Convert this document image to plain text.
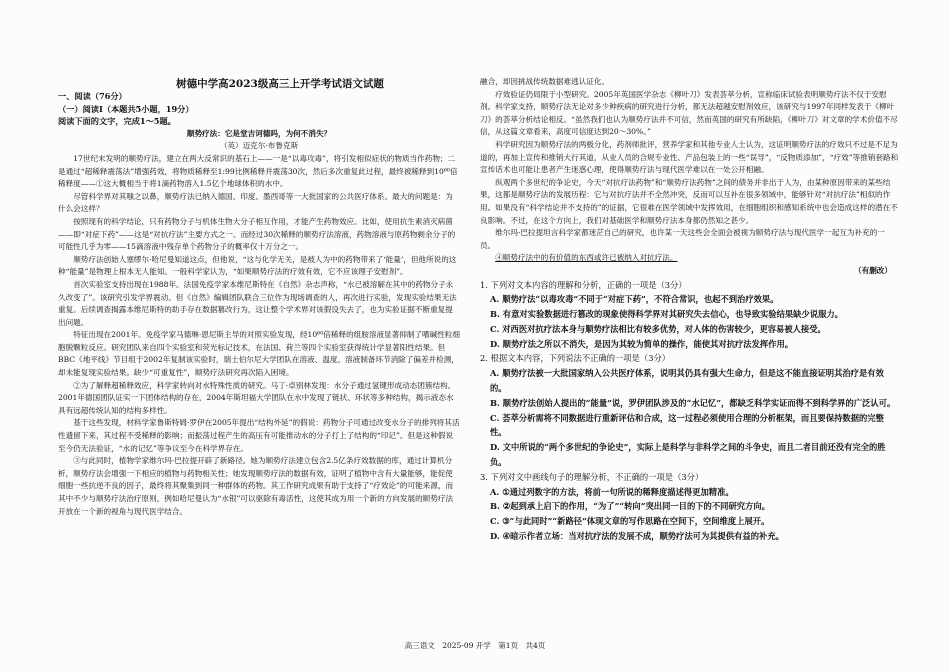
树德中学高2023级高三上开学考试语文试题
一、阅读（76分）
（一）阅读Ⅰ（本题共5小题，19分）
阅读下面的文字，完成1～5题。
顺势疗法：它是堂吉诃德吗，为何不消失？
（英）迈克尔·布鲁克斯

17世纪末发明的顺势疗法，建立在两大反常识的基石上——一是“以毒攻毒”，将引发相似症状的物质当作药物；二是通过“超稀释震荡法”增强药效，将物质稀释至1:99比例稀释并震荡30次，然后多次重复此过程，最终被稀释到10⁶⁰倍稀释度——①这大概相当于将1滴药物溶入1.5亿个地球体积的水中。

尽管科学界对其嗤之以鼻，顺势疗法已纳入德国、印度、墨西哥等一大批国家的公共医疗体系。最大的问题是：为什么会这样？

按照现有的科学结论，只有药物分子与机体生物大分子相互作用，才能产生药物效应。比如，使用抗生素消灭病菌——即“对症下药”——这是“对抗疗法”主要方式之一。而经过30次稀释的顺势疗法溶液，药物溶液与原药物剩余分子的可能性几乎为零——15滴溶液中残存单个药物分子的概率仅十万分之一。

顺势疗法创始人塞缪尔·哈尼曼知道这点，但他说，“这与化学无关，是被人为中的药物带来了‘能量’，但他所说的这种“能量”是物理上根本无人能知。一般科学家认为，“如果顺势疗法的疗效有效，它不应该理子安慰剂”。

首次实验室支持出现在1988年。法国免疫学家本维尼斯特在《自然》杂志声称，“水已被溶解在其中的药物分子永久改变了”。该研究引发学界震动。但《自然》编辑团队联合三位作为现场调查的人，再次进行实验，发现实验结果无法重复。后续调查揭露本维尼斯特的助手存在数据篡改行为，这让整个学术界对该假设失去了，也为实验证据不断重复提出问题。

特征出现在2001年。免疫学家马德琳·恩尼斯主导的对照实验发现，经10⁶⁰倍稀释的组胺溶液显著抑制了嗜碱性粒细胞脱颗粒反应。研究团队来自四个实验室和荧光标记技术，在法国、荷兰等四个实验室获得统计学显著阳性结果。但BBC《地平线》节目组于2002年复制该实验时，瑞士伯尔尼大学团队在溶液、温度、溶液制备环节消除了偏差并检测，却未能复现实验结果。缺少“可重复性”，顺势疗法研究再次陷入困境。

②为了解释超稀释效应，科学家转向对水特殊性质的研究。马丁·卓别林发现：水分子通过氢键形成动态团簇结构。2001年德国团队证实一下团体结构的存在，2004年斯坦福大学团队在水中发现了链状、环状等多种结构，揭示液态水具有远超传统认知的结构多样性。

基于这些发现，材料学家鲁斯特姆·罗伊在2005年提出“结构外延”的假说：药物分子可通过改变水分子的排列将其活性遗留下来，其过程不受稀释的影响；而振荡过程产生的高压有可能推动水的分子打上了结构的“印记”。但是这种假说至今仍无法验证，“水的记忆”等争议至今在科学界存在。

③与此同时，植物学家维尔玛·巴拉提开辟了新路径。她为顺势疗法建立包含2.5亿条疗效数据的库，通过计算机分析，顺势疗法会增强一下相应的植物与药物相关性；她发现顺势疗法的数据有效，证明了植物中含有大量能够，能促使细胞一些抗逆不良的因子，最终将其聚集到同一种群体的药物。其工作研究成果有助于支持了“疗效论”的可能来源，而其中不少与顺势疗法治疗原则，例如哈尼曼认为“水银”可以驱除有毒活性，这使其成为用一个新的方向发展的顺势疗法开放在一个新的视角与现代医学结合。

融合，却因挑战传统数据难逃认证化。

疗效验证仍局限于小型研究。2005年英国医学杂志《柳叶刀》发表荟萃分析，宣称临床试验表明顺势疗法不仅于安慰剂。科学家支持，顺势疗法无论对多少种疾病的研究进行分析，都无法超越安慰剂效应，该研究与1997年同样发表于《柳叶刀》的荟萃分析结论相反。“虽然我们也认为顺势疗法并不可信，然而英国的研究有所缺陷，《柳叶刀》对文章的学术价值不尽信，从这篇文章看来，高度可信度达到20～30%。”

科学研究因为顺势疗法的两极分化，药剂师批评，营养学家和其他专业人士认为，这证明顺势疗法的疗效只不过是不足为道的，再加上宣传和推销大行其道，从业人员的合规专业性、产品包装上的一些“误导”，“反物质添加”，“疗效”等推销套路和宣传话术也可能让患者产生迷惑心理，使得顺势疗法与现代医学难以在一处公开相融。

纵观两个多世纪的争论史，今天“对抗疗法药物”和“顺势疗法药物”之间的债务并非出于人为，由某种原因带来的某些结果，这都是顺势疗法的发展历程：它与对抗疗法并不全然冲突，反而可以互补在很多领域中，能够针对“对抗疗法”相似的作用。如果没有“科学结论并不支持的”的证据，它很难在医学领域中发挥效用，在细胞组织和感知系统中也会造成这样的潜在不良影响。不过，在这个方向上，我们对基础医学和顺势疗法本身都仍然知之甚少。

维尔玛·巴拉提坦言科学家都迷茫自己的研究，也许某一天这些会全面会被视为顺势疗法与现代医学一起互为补充的一员。

④顺势疗法中的有价值的东西或许已被纳入对抗疗法。

（有删改）
1. 下列对文本内容的理解和分析，正确的一项是（3分）
A. 顺势疗法“以毒攻毒”不同于“对症下药”，不符合常识，也起不到治疗效果。
B. 有意对实验数据进行篡改的现象使得科学界对其研究失去信心，也导致实验结果缺少说服力。
C. 对西医对抗疗法本身与顺势疗法相比有较多优势，对人体的伤害较少，更容易被人接受。
D. 顺势疗法之所以不消失，是因为其较为简单的操作，能使其对抗疗法发挥作用。
2. 根据文本内容，下列说法不正确的一项是（3分）
A. 顺势疗法被一大批国家纳入公共医疗体系，说明其仍具有强大生命力，但是这不能直接证明其治疗是有效的。
B. 顺势疗法创始人提出的“能量”说，罗伊团队涉及的“水记忆”，都缺乏科学实证而得不到科学界的广泛认可。
C. 荟萃分析需将不同数据进行重新评估和合成，这一过程必须使用合理的分析框架，而且要保持数据的完整性。
D. 文中所说的“两个多世纪的争论史”，实际上是科学与非科学之间的斗争史，而且二者目前还没有完全的胜负。
3. 下列对文中画线句子的理解分析，不正确的一项是（3分）
A. ①通过列数字的方法，将前一句所说的稀释度描述得更加精准。
B. ②起到承上启下的作用，“为了”“转向”突出同一目的下的不同研究方向。
C. ③“与此同时”“新路径”体现文章的写作思路在空间下，空间维度上展开。
D. ④暗示作者立场：当对抗疗法的发展不成，顺势疗法可为其提供有益的补充。
高三语文　2025-09 开学　第1页　共4页
